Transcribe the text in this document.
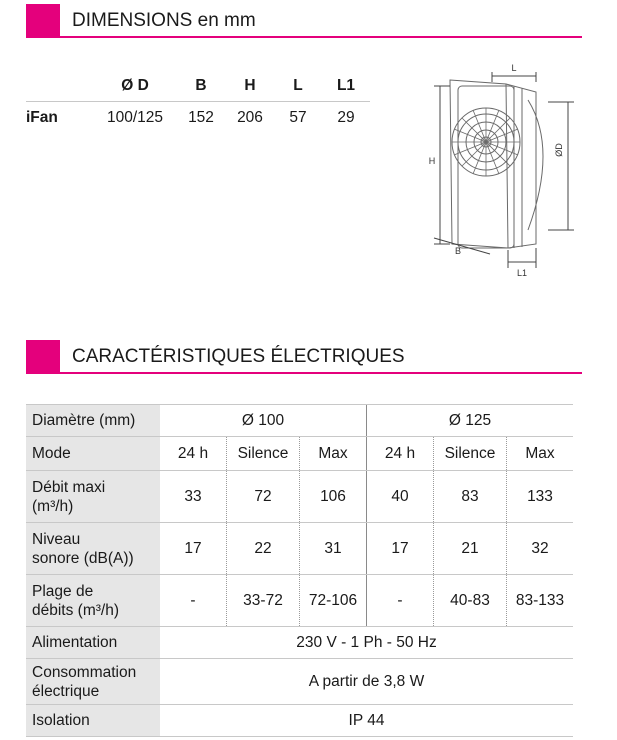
DIMENSIONS en mm
	Ø D	B	H	L	L1
iFan	100/125	152	206	57	29
L
H
ØD
B
L1
CARACTÉRISTIQUES ÉLECTRIQUES
Diamètre (mm)	Ø 100			Ø 125		
Mode	24 h	Silence	Max	24 h	Silence	Max
Débit maxi
(m³/h)	33	72	106	40	83	133
Niveau
sonore (dB(A))	17	22	31	17	21	32
Plage de
débits (m³/h)	-	33-72	72-106	-	40-83	83-133
Alimentation	230 V - 1 Ph - 50 Hz					
Consommation
électrique	A partir de 3,8 W					
Isolation	IP 44					
